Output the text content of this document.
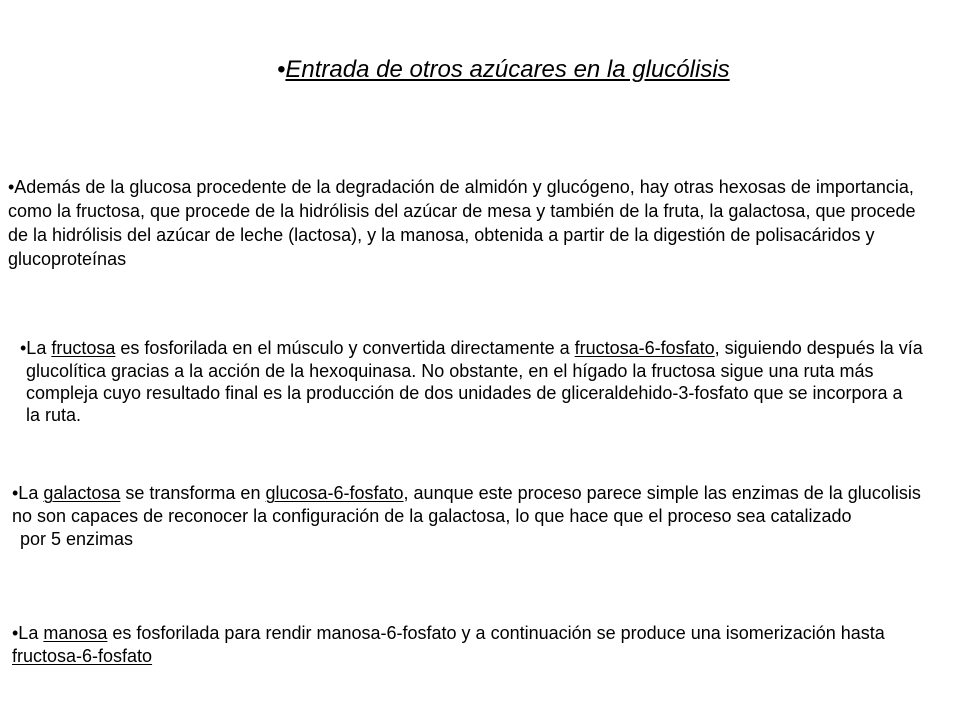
•Entrada de otros azúcares en la glucólisis
•Además de la glucosa procedente de la degradación de almidón y glucógeno, hay otras hexosas de importancia,
como la fructosa, que procede de la hidrólisis del azúcar de mesa y también de la fruta, la galactosa, que procede
de la hidrólisis del azúcar de leche (lactosa), y la manosa, obtenida a partir de la digestión de polisacáridos y
glucoproteínas
•La fructosa es fosforilada en el músculo y convertida directamente a fructosa-6-fosfato, siguiendo después la vía
glucolítica gracias a la acción de la hexoquinasa. No obstante, en el hígado la fructosa sigue una ruta más
compleja cuyo resultado final es la producción de dos unidades de gliceraldehido-3-fosfato que se incorpora a
la ruta.
•La galactosa se transforma en glucosa-6-fosfato, aunque este proceso parece simple las enzimas de la glucolisis
no son capaces de reconocer la configuración de la galactosa, lo que hace que el proceso sea catalizado
por 5 enzimas
•La manosa es fosforilada para rendir manosa-6-fosfato y a continuación se produce una isomerización hasta
fructosa-6-fosfato
